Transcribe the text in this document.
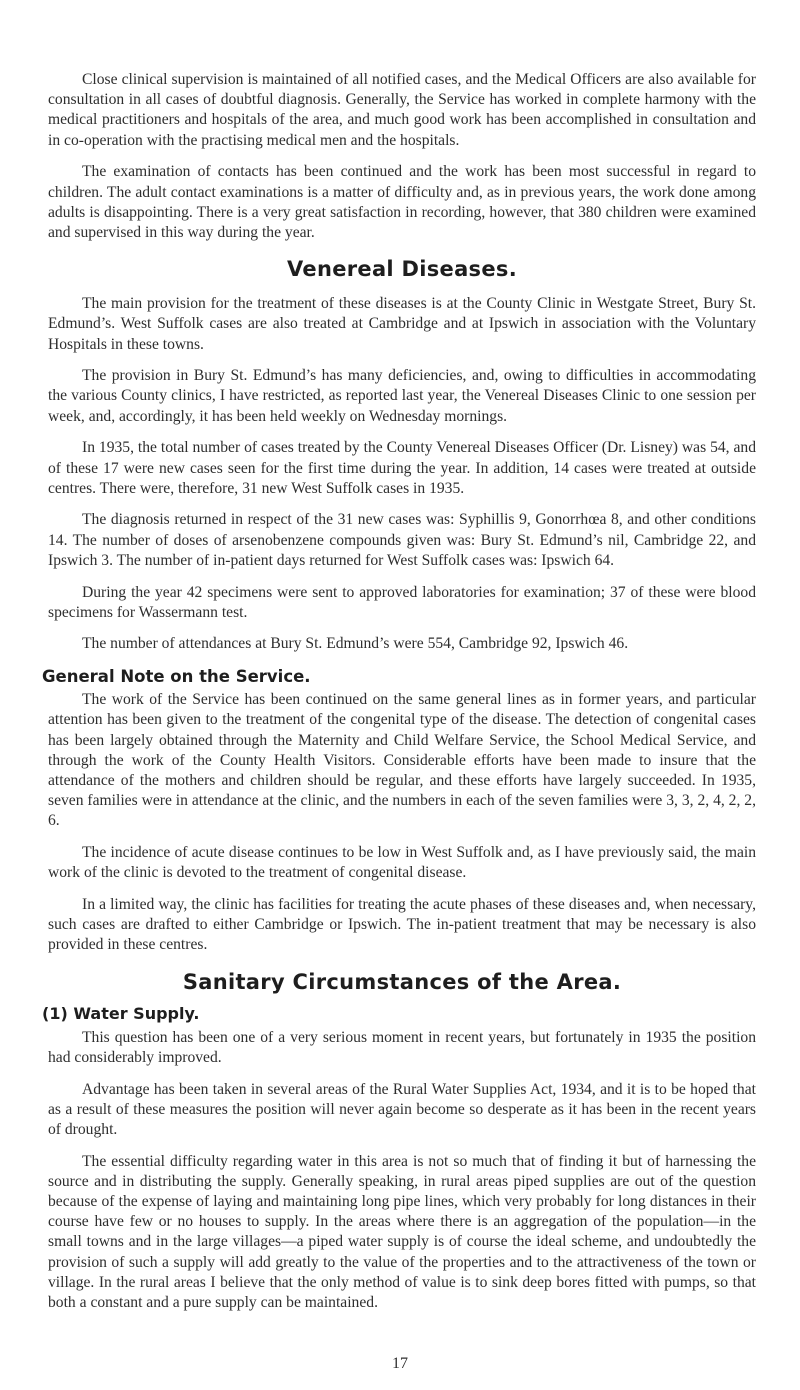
Close clinical supervision is maintained of all notified cases, and the Medical Officers are also available for consultation in all cases of doubtful diagnosis. Generally, the Service has worked in complete harmony with the medical practitioners and hospitals of the area, and much good work has been accomplished in consultation and in co-operation with the practising medical men and the hospitals.

The examination of contacts has been continued and the work has been most successful in regard to children. The adult contact examinations is a matter of difficulty and, as in previous years, the work done among adults is disappointing. There is a very great satisfaction in recording, however, that 380 children were examined and supervised in this way during the year.

Venereal Diseases.

The main provision for the treatment of these diseases is at the County Clinic in Westgate Street, Bury St. Edmund’s. West Suffolk cases are also treated at Cambridge and at Ipswich in association with the Voluntary Hospitals in these towns.

The provision in Bury St. Edmund’s has many deficiencies, and, owing to difficulties in accommodating the various County clinics, I have restricted, as reported last year, the Venereal Diseases Clinic to one session per week, and, accordingly, it has been held weekly on Wednesday mornings.

In 1935, the total number of cases treated by the County Venereal Diseases Officer (Dr. Lisney) was 54, and of these 17 were new cases seen for the first time during the year. In addition, 14 cases were treated at outside centres. There were, therefore, 31 new West Suffolk cases in 1935.

The diagnosis returned in respect of the 31 new cases was: Syphillis 9, Gonorrhœa 8, and other conditions 14. The number of doses of arsenobenzene compounds given was: Bury St. Edmund’s nil, Cambridge 22, and Ipswich 3. The number of in-patient days returned for West Suffolk cases was: Ipswich 64.

During the year 42 specimens were sent to approved laboratories for examination; 37 of these were blood specimens for Wassermann test.

The number of attendances at Bury St. Edmund’s were 554, Cambridge 92, Ipswich 46.

General Note on the Service.

The work of the Service has been continued on the same general lines as in former years, and particular attention has been given to the treatment of the congenital type of the disease. The detection of congenital cases has been largely obtained through the Maternity and Child Welfare Service, the School Medical Service, and through the work of the County Health Visitors. Considerable efforts have been made to insure that the attendance of the mothers and children should be regular, and these efforts have largely succeeded. In 1935, seven families were in attendance at the clinic, and the numbers in each of the seven families were 3, 3, 2, 4, 2, 2, 6.

The incidence of acute disease continues to be low in West Suffolk and, as I have previously said, the main work of the clinic is devoted to the treatment of congenital disease.

In a limited way, the clinic has facilities for treating the acute phases of these diseases and, when necessary, such cases are drafted to either Cambridge or Ipswich. The in-patient treatment that may be necessary is also provided in these centres.

Sanitary Circumstances of the Area.
(1) Water Supply.

This question has been one of a very serious moment in recent years, but fortunately in 1935 the position had considerably improved.

Advantage has been taken in several areas of the Rural Water Supplies Act, 1934, and it is to be hoped that as a result of these measures the position will never again become so desperate as it has been in the recent years of drought.

The essential difficulty regarding water in this area is not so much that of finding it but of harnessing the source and in distributing the supply. Generally speaking, in rural areas piped supplies are out of the question because of the expense of laying and maintaining long pipe lines, which very probably for long distances in their course have few or no houses to supply. In the areas where there is an aggregation of the population—in the small towns and in the large villages—a piped water supply is of course the ideal scheme, and undoubtedly the provision of such a supply will add greatly to the value of the properties and to the attractiveness of the town or village. In the rural areas I believe that the only method of value is to sink deep bores fitted with pumps, so that both a constant and a pure supply can be maintained.

17
